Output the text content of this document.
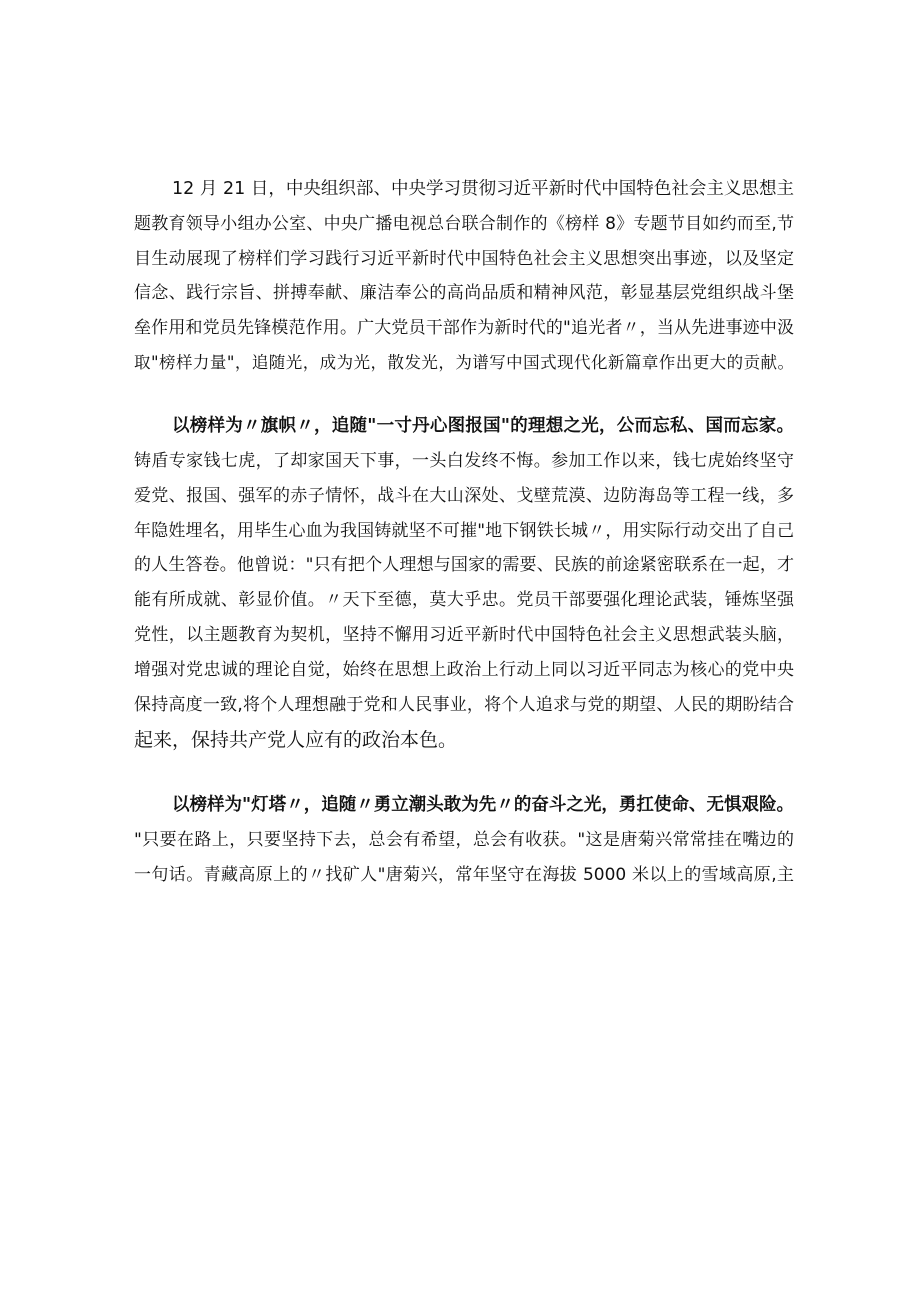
12 月 21 日，中央组织部、中央学习贯彻习近平新时代中国特色社会主义思想主
题教育领导小组办公室、中央广播电视总台联合制作的《榜样 8》专题节目如约而至,节
目生动展现了榜样们学习践行习近平新时代中国特色社会主义思想突出事迹，以及坚定
信念、践行宗旨、拼搏奉献、廉洁奉公的高尚品质和精神风范，彰显基层党组织战斗堡
垒作用和党员先锋模范作用。广大党员干部作为新时代的"追光者〃，当从先进事迹中汲
取"榜样力量"，追随光，成为光，散发光，为谱写中国式现代化新篇章作出更大的贡献。
以榜样为〃旗帜〃，追随"一寸丹心图报国"的理想之光，公而忘私、国而忘家。
铸盾专家钱七虎，了却家国天下事，一头白发终不悔。参加工作以来，钱七虎始终坚守
爱党、报国、强军的赤子情怀，战斗在大山深处、戈壁荒漠、边防海岛等工程一线，多
年隐姓埋名，用毕生心血为我国铸就坚不可摧"地下钢铁长城〃，用实际行动交出了自己
的人生答卷。他曾说："只有把个人理想与国家的需要、民族的前途紧密联系在一起，才
能有所成就、彰显价值。〃天下至德，莫大乎忠。党员干部要强化理论武装，锤炼坚强
党性，以主题教育为契机，坚持不懈用习近平新时代中国特色社会主义思想武装头脑，
增强对党忠诚的理论自觉，始终在思想上政治上行动上同以习近平同志为核心的党中央
保持高度一致,将个人理想融于党和人民事业，将个人追求与党的期望、人民的期盼结合
起来，保持共产党人应有的政治本色。
以榜样为"灯塔〃，追随〃勇立潮头敢为先〃的奋斗之光，勇扛使命、无惧艰险。
"只要在路上，只要坚持下去，总会有希望，总会有收获。"这是唐菊兴常常挂在嘴边的
一句话。青藏高原上的〃找矿人"唐菊兴，常年坚守在海拔 5000 米以上的雪域高原,主
